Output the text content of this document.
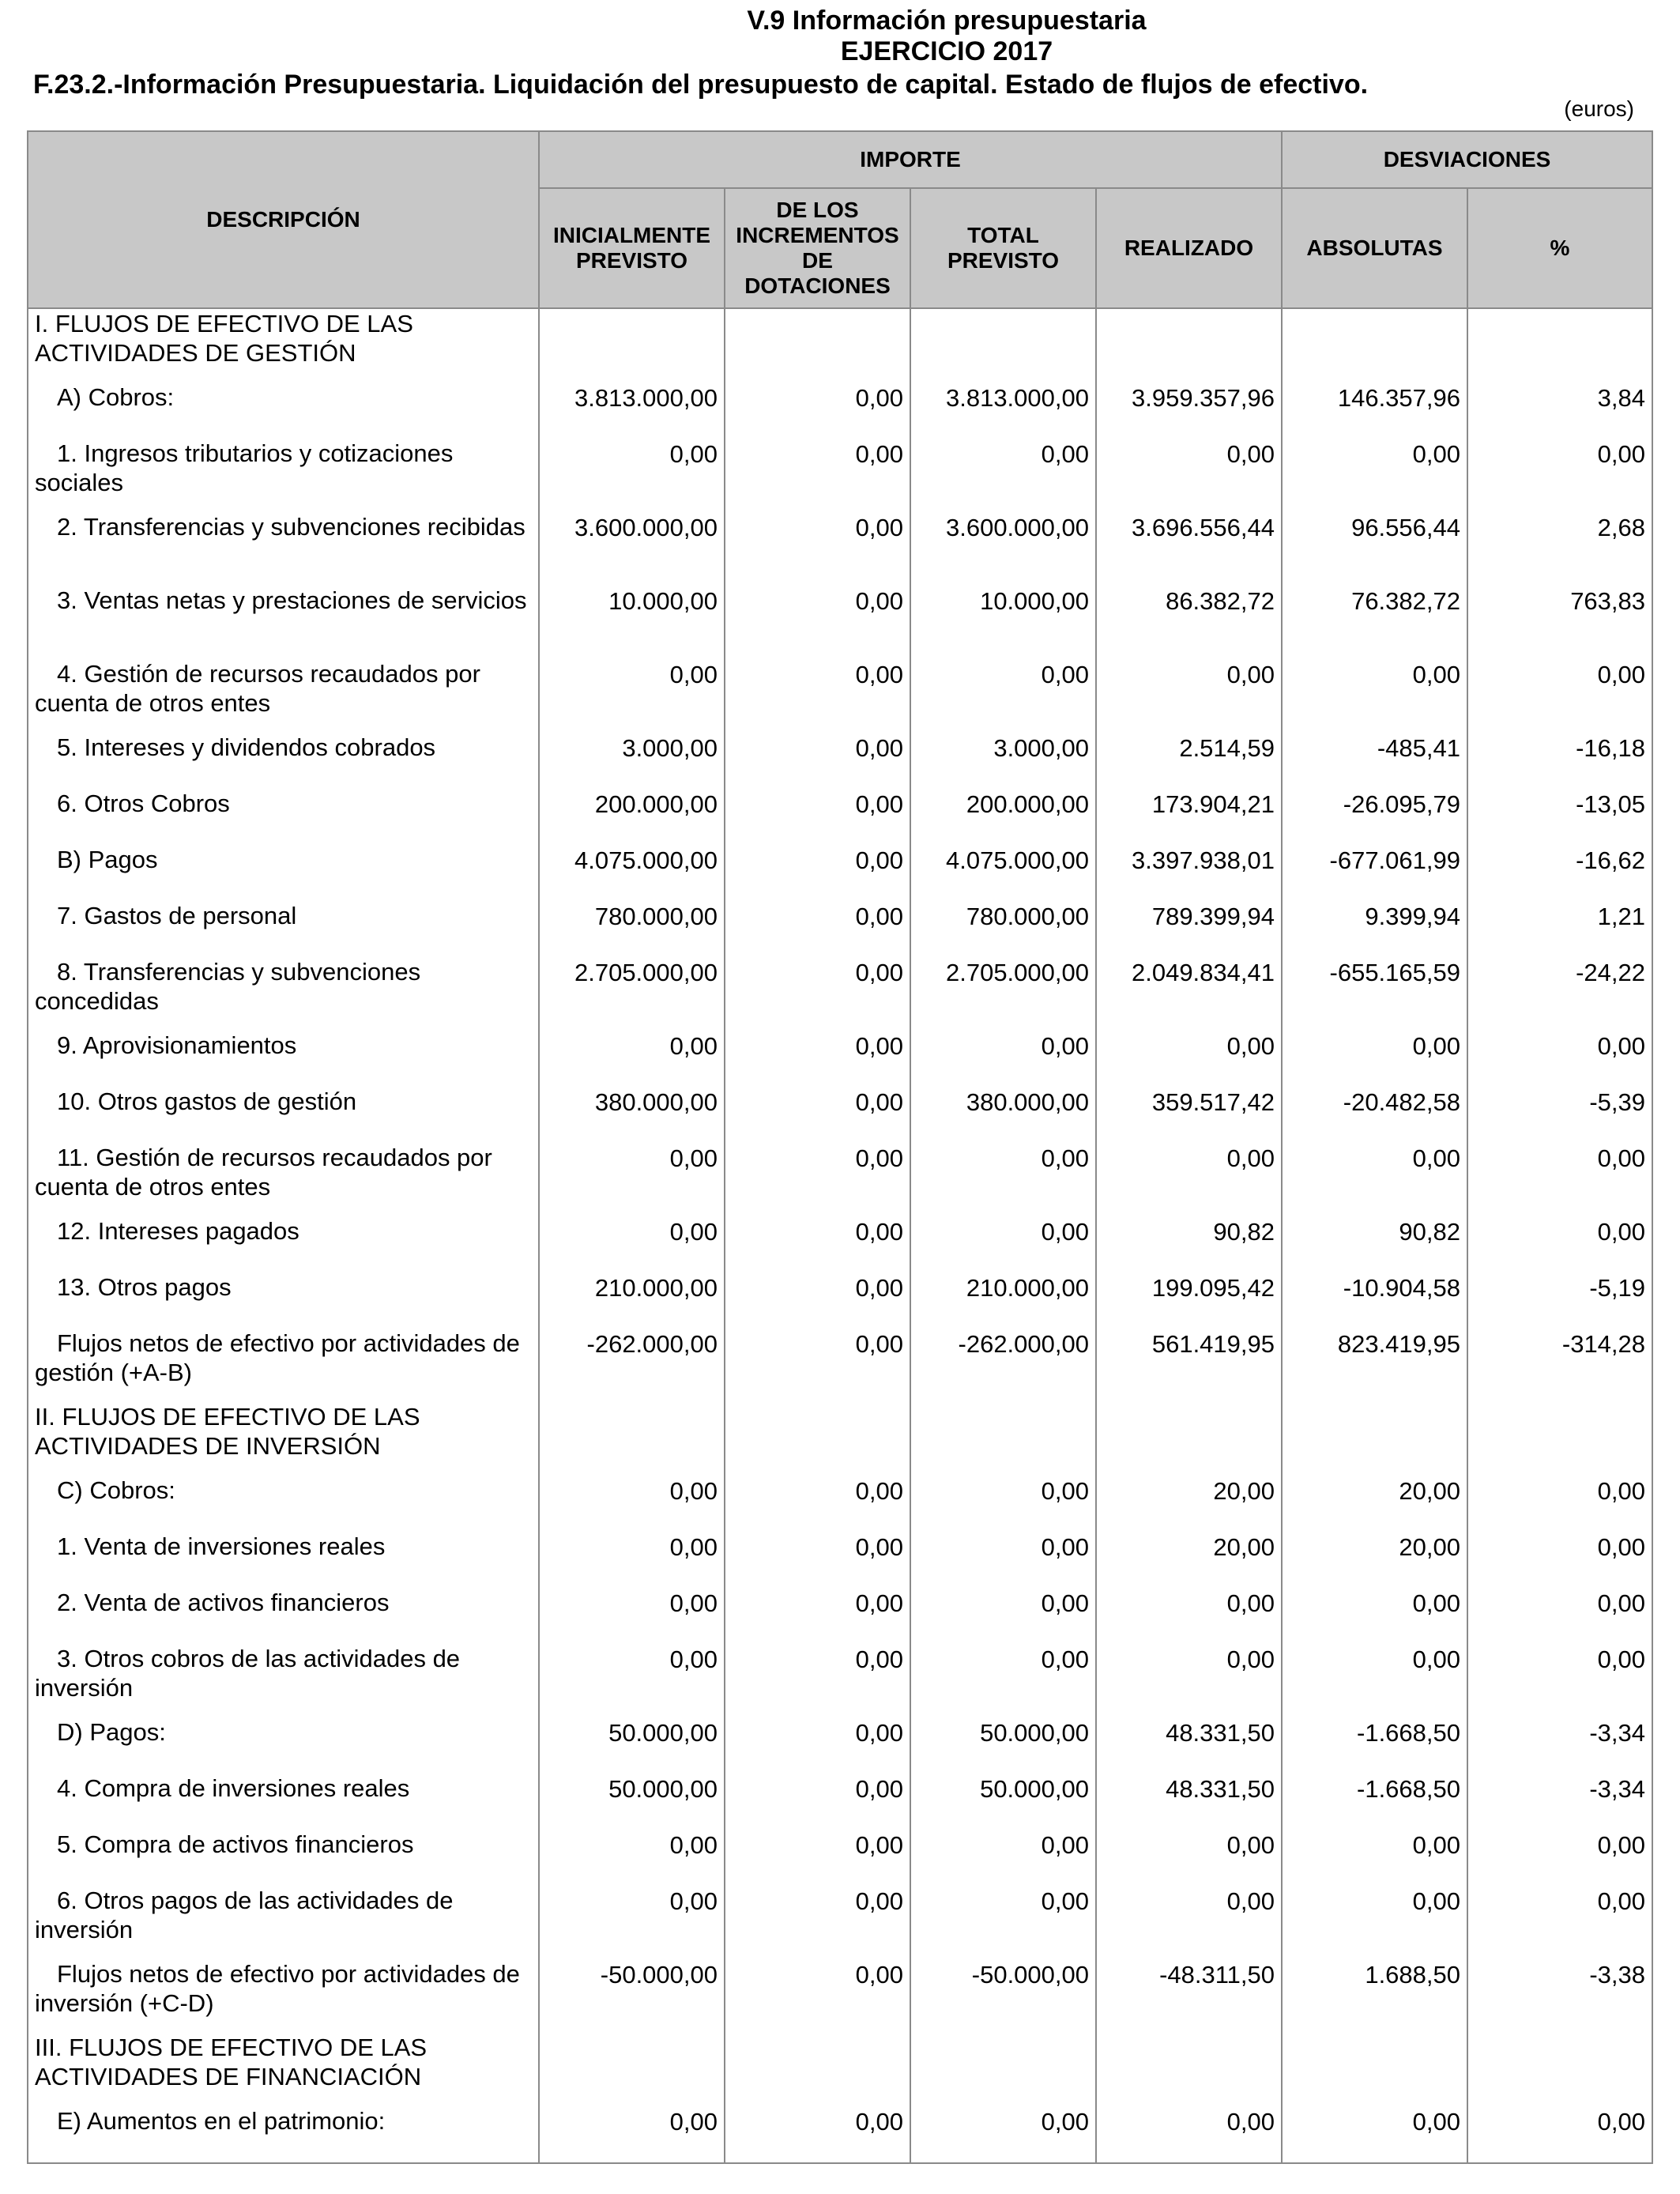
V.9 Información presupuestaria
EJERCICIO 2017
F.23.2.-Información Presupuestaria. Liquidación del presupuesto de capital. Estado de flujos de efectivo.
(euros)
DESCRIPCIÓN	IMPORTE				DESVIACIONES	
	INICIALMENTE PREVISTO	DE LOS INCREMENTOS DE DOTACIONES	TOTAL PREVISTO	REALIZADO	ABSOLUTAS	%
I. FLUJOS DE EFECTIVO DE LAS ACTIVIDADES DE GESTIÓN						
A) Cobros:	3.813.000,00	0,00	3.813.000,00	3.959.357,96	146.357,96	3,84
1. Ingresos tributarios y cotizaciones sociales	0,00	0,00	0,00	0,00	0,00	0,00
2. Transferencias y subvenciones recibidas	3.600.000,00	0,00	3.600.000,00	3.696.556,44	96.556,44	2,68
3. Ventas netas y prestaciones de servicios	10.000,00	0,00	10.000,00	86.382,72	76.382,72	763,83
4. Gestión de recursos recaudados por cuenta de otros entes	0,00	0,00	0,00	0,00	0,00	0,00
5. Intereses y dividendos cobrados	3.000,00	0,00	3.000,00	2.514,59	-485,41	-16,18
6. Otros Cobros	200.000,00	0,00	200.000,00	173.904,21	-26.095,79	-13,05
B) Pagos	4.075.000,00	0,00	4.075.000,00	3.397.938,01	-677.061,99	-16,62
7. Gastos de personal	780.000,00	0,00	780.000,00	789.399,94	9.399,94	1,21
8. Transferencias y subvenciones concedidas	2.705.000,00	0,00	2.705.000,00	2.049.834,41	-655.165,59	-24,22
9. Aprovisionamientos	0,00	0,00	0,00	0,00	0,00	0,00
10. Otros gastos de gestión	380.000,00	0,00	380.000,00	359.517,42	-20.482,58	-5,39
11. Gestión de recursos recaudados por cuenta de otros entes	0,00	0,00	0,00	0,00	0,00	0,00
12. Intereses pagados	0,00	0,00	0,00	90,82	90,82	0,00
13. Otros pagos	210.000,00	0,00	210.000,00	199.095,42	-10.904,58	-5,19
Flujos netos de efectivo por actividades de gestión (+A-B)	-262.000,00	0,00	-262.000,00	561.419,95	823.419,95	-314,28
II. FLUJOS DE EFECTIVO DE LAS ACTIVIDADES DE INVERSIÓN						
C) Cobros:	0,00	0,00	0,00	20,00	20,00	0,00
1. Venta de inversiones reales	0,00	0,00	0,00	20,00	20,00	0,00
2. Venta de activos financieros	0,00	0,00	0,00	0,00	0,00	0,00
3. Otros cobros de las actividades de inversión	0,00	0,00	0,00	0,00	0,00	0,00
D) Pagos:	50.000,00	0,00	50.000,00	48.331,50	-1.668,50	-3,34
4. Compra de inversiones reales	50.000,00	0,00	50.000,00	48.331,50	-1.668,50	-3,34
5. Compra de activos financieros	0,00	0,00	0,00	0,00	0,00	0,00
6. Otros pagos de las actividades de inversión	0,00	0,00	0,00	0,00	0,00	0,00
Flujos netos de efectivo por actividades de inversión (+C-D)	-50.000,00	0,00	-50.000,00	-48.311,50	1.688,50	-3,38
III. FLUJOS DE EFECTIVO DE LAS ACTIVIDADES DE FINANCIACIÓN						
E) Aumentos en el patrimonio:	0,00	0,00	0,00	0,00	0,00	0,00
